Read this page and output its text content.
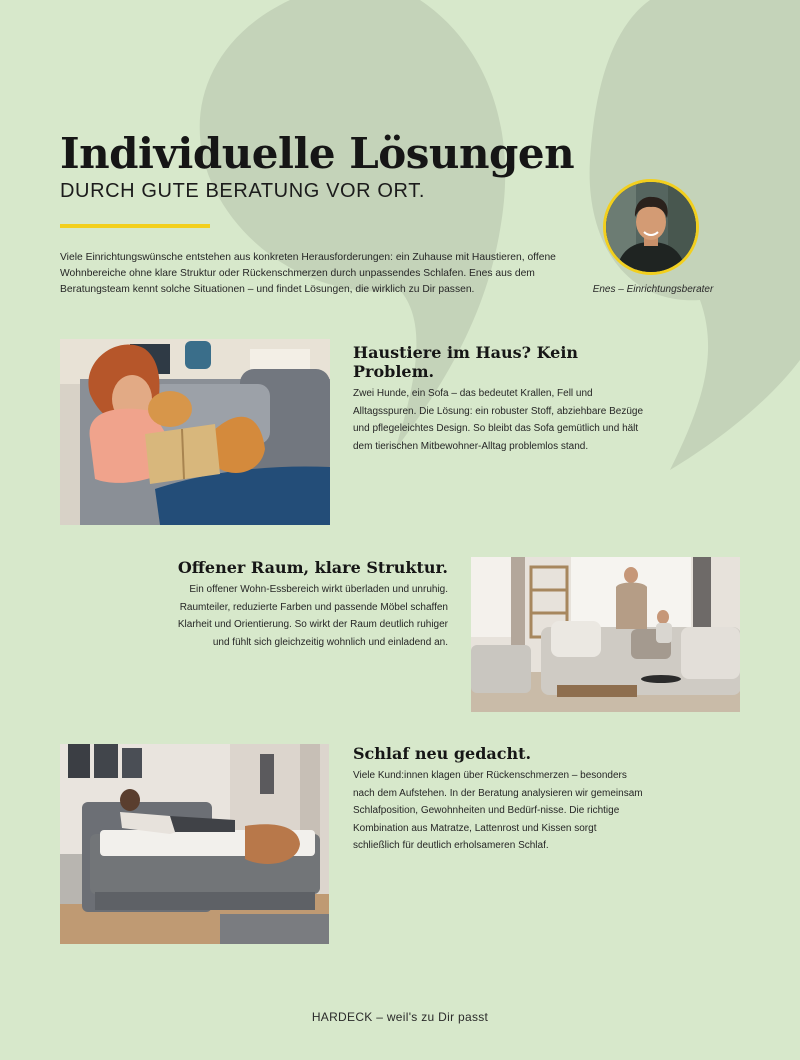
Individuelle Lösungen

DURCH GUTE BERATUNG VOR ORT.

Viele Einrichtungswünsche entstehen aus konkreten Herausforderungen: ein Zuhause mit Haustieren, offene Wohnbereiche ohne klare Struktur oder Rückenschmerzen durch unpassendes Schlafen. Enes aus dem Beratungsteam kennt solche Situationen – und findet Lösungen, die wirklich zu Dir passen.	Enes – Einrichtungsberater

Haustiere im Haus? Kein Problem.

Zwei Hunde, ein Sofa – das bedeutet Krallen, Fell und Alltagsspuren. Die Lösung: ein robuster Stoff, abziehbare Bezüge und pflegeleichtes Design. So bleibt das Sofa gemütlich und hält dem tierischen Mitbewohner-Alltag problemlos stand.

Offener Raum, klare Struktur.

Ein offener Wohn-Essbereich wirkt überladen und unruhig. Raumteiler, reduzierte Farben und passende Möbel schaffen Klarheit und Orientierung. So wirkt der Raum deutlich ruhiger und fühlt sich gleichzeitig wohnlich und einladend an.

Schlaf neu gedacht.

Viele Kund:innen klagen über Rückenschmerzen – besonders nach dem Aufstehen. In der Beratung analysieren wir gemeinsam Schlafposition, Gewohnheiten und Bedürf-nisse. Die richtige Kombination aus Matratze, Lattenrost und Kissen sorgt schließlich für deutlich erholsameren Schlaf.

HARDECK – weil's zu Dir passt
